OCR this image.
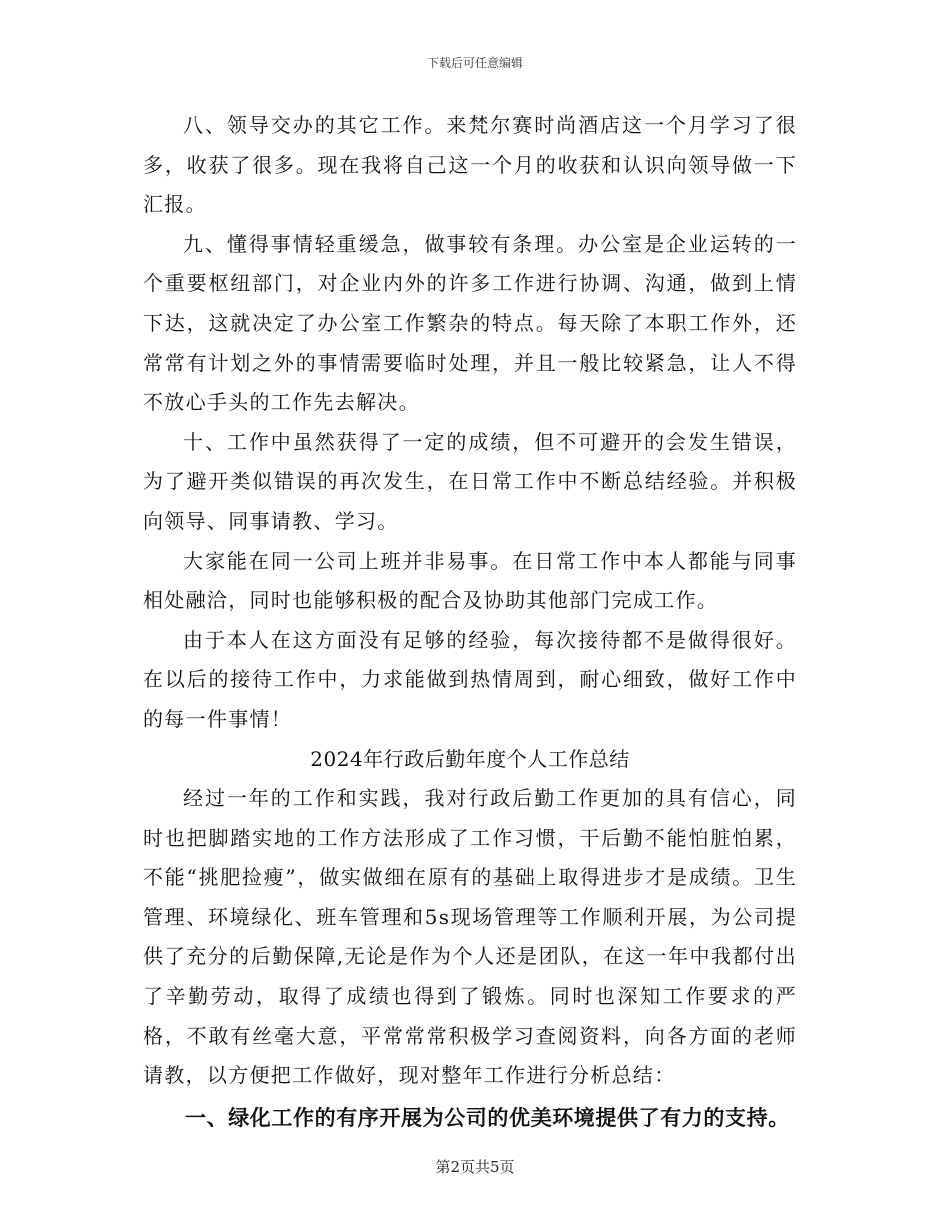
下载后可任意编辑

八、领导交办的其它工作。来梵尔赛时尚酒店这一个月学习了很多，收获了很多。现在我将自己这一个月的收获和认识向领导做一下汇报。

九、懂得事情轻重缓急，做事较有条理。办公室是企业运转的一个重要枢纽部门，对企业内外的许多工作进行协调、沟通，做到上情下达，这就决定了办公室工作繁杂的特点。每天除了本职工作外，还常常有计划之外的事情需要临时处理，并且一般比较紧急，让人不得不放心手头的工作先去解决。

十、工作中虽然获得了一定的成绩，但不可避开的会发生错误，为了避开类似错误的再次发生，在日常工作中不断总结经验。并积极向领导、同事请教、学习。

大家能在同一公司上班并非易事。在日常工作中本人都能与同事相处融洽，同时也能够积极的配合及协助其他部门完成工作。

由于本人在这方面没有足够的经验，每次接待都不是做得很好。在以后的接待工作中，力求能做到热情周到，耐心细致，做好工作中的每一件事情！

2024年行政后勤年度个人工作总结

经过一年的工作和实践，我对行政后勤工作更加的具有信心，同时也把脚踏实地的工作方法形成了工作习惯，干后勤不能怕脏怕累，不能“挑肥捡瘦”，做实做细在原有的基础上取得进步才是成绩。卫生管理、环境绿化、班车管理和5s现场管理等工作顺利开展，为公司提供了充分的后勤保障,无论是作为个人还是团队，在这一年中我都付出了辛勤劳动，取得了成绩也得到了锻炼。同时也深知工作要求的严格，不敢有丝毫大意，平常常常积极学习查阅资料，向各方面的老师请教，以方便把工作做好，现对整年工作进行分析总结：

一、绿化工作的有序开展为公司的优美环境提供了有力的支持。

第2页共5页
